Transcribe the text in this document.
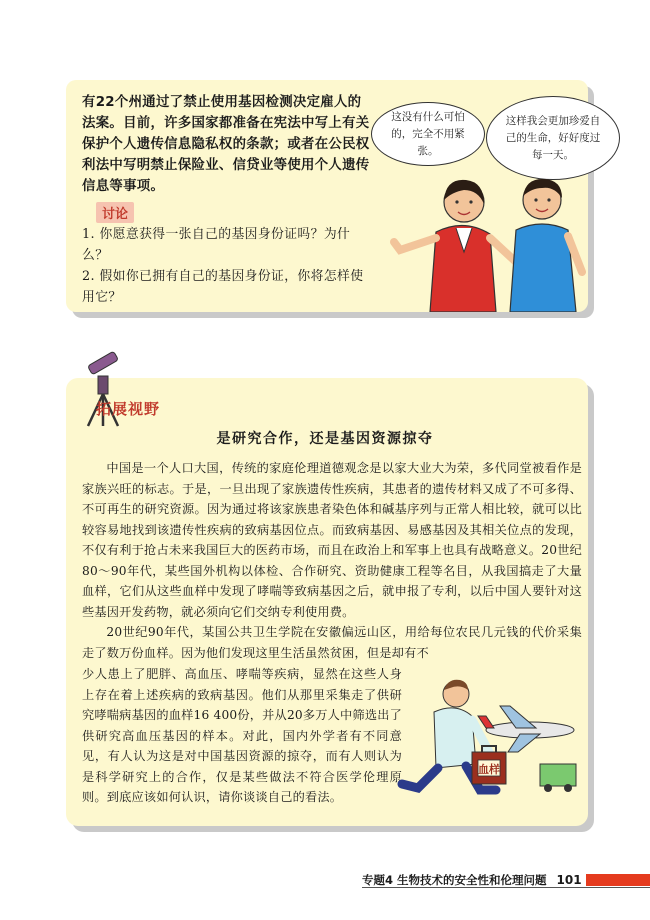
有22个州通过了禁止使用基因检测决定雇人的法案。目前，许多国家都准备在宪法中写上有关保护个人遗传信息隐私权的条款；或者在公民权利法中写明禁止保险业、信贷业等使用个人遗传信息等事项。
讨论
1. 你愿意获得一张自己的基因身份证吗？为什么？
2. 假如你已拥有自己的基因身份证，你将怎样使用它？
这没有什么可怕的，完全不用紧张。
这样我会更加珍爱自己的生命，好好度过每一天。
拓展视野
是研究合作，还是基因资源掠夺
中国是一个人口大国，传统的家庭伦理道德观念是以家大业大为荣，多代同堂被看作是家族兴旺的标志。于是，一旦出现了家族遗传性疾病，其患者的遗传材料又成了不可多得、不可再生的研究资源。因为通过将该家族患者染色体和碱基序列与正常人相比较，就可以比较容易地找到该遗传性疾病的致病基因位点。而致病基因、易感基因及其相关位点的发现，不仅有利于抢占未来我国巨大的医药市场，而且在政治上和军事上也具有战略意义。20世纪80～90年代，某些国外机构以体检、合作研究、资助健康工程等名目，从我国搞走了大量血样，它们从这些血样中发现了哮喘等致病基因之后，就申报了专利，以后中国人要针对这些基因开发药物，就必须向它们交纳专利使用费。
20世纪90年代，某国公共卫生学院在安徽偏远山区，用给每位农民几元钱的代价采集走了数万份血样。因为他们发现这里生活虽然贫困，但是却有不
少人患上了肥胖、高血压、哮喘等疾病，显然在这些人身上存在着上述疾病的致病基因。他们从那里采集走了供研究哮喘病基因的血样16 400份，并从20多万人中筛选出了供研究高血压基因的样本。对此，国内外学者有不同意见，有人认为这是对中国基因资源的掠夺，而有人则认为是科学研究上的合作，仅是某些做法不符合医学伦理原则。到底应该如何认识，请你谈谈自己的看法。
血样
专题4 生物技术的安全性和伦理问题 101
